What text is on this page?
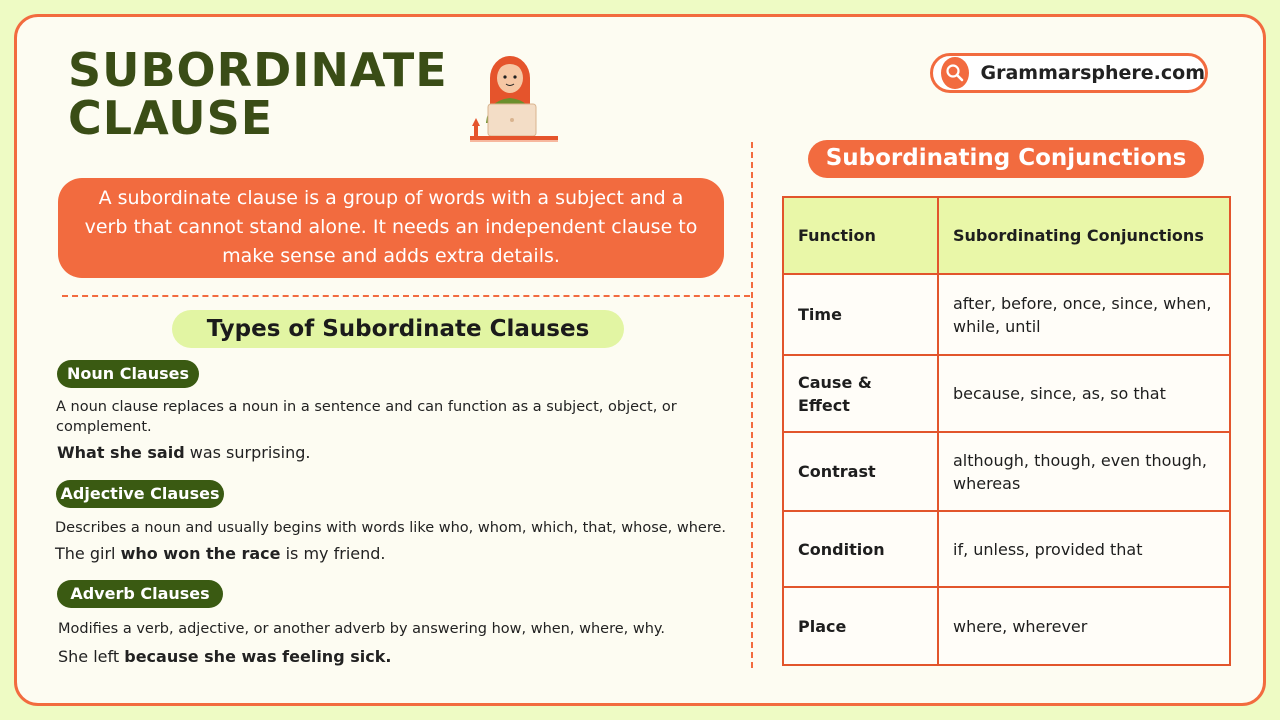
SUBORDINATE
CLAUSE
Grammarsphere.com
A subordinate clause is a group of words with a subject and a verb that cannot stand alone. It needs an independent clause to make sense and adds extra details.
Types of Subordinate Clauses
Noun Clauses
A noun clause replaces a noun in a sentence and can function as a subject, object, or complement.
What she said was surprising.
Adjective Clauses
Describes a noun and usually begins with words like who, whom, which, that, whose, where.
The girl who won the race is my friend.
Adverb Clauses
Modifies a verb, adjective, or another adverb by answering how, when, where, why.
She left because she was feeling sick.
Subordinating Conjunctions
Function	Subordinating Conjunctions
Time	after, before, once, since, when, while, until
Cause & Effect	because, since, as, so that
Contrast	although, though, even though, whereas
Condition	if, unless, provided that
Place	where, wherever
